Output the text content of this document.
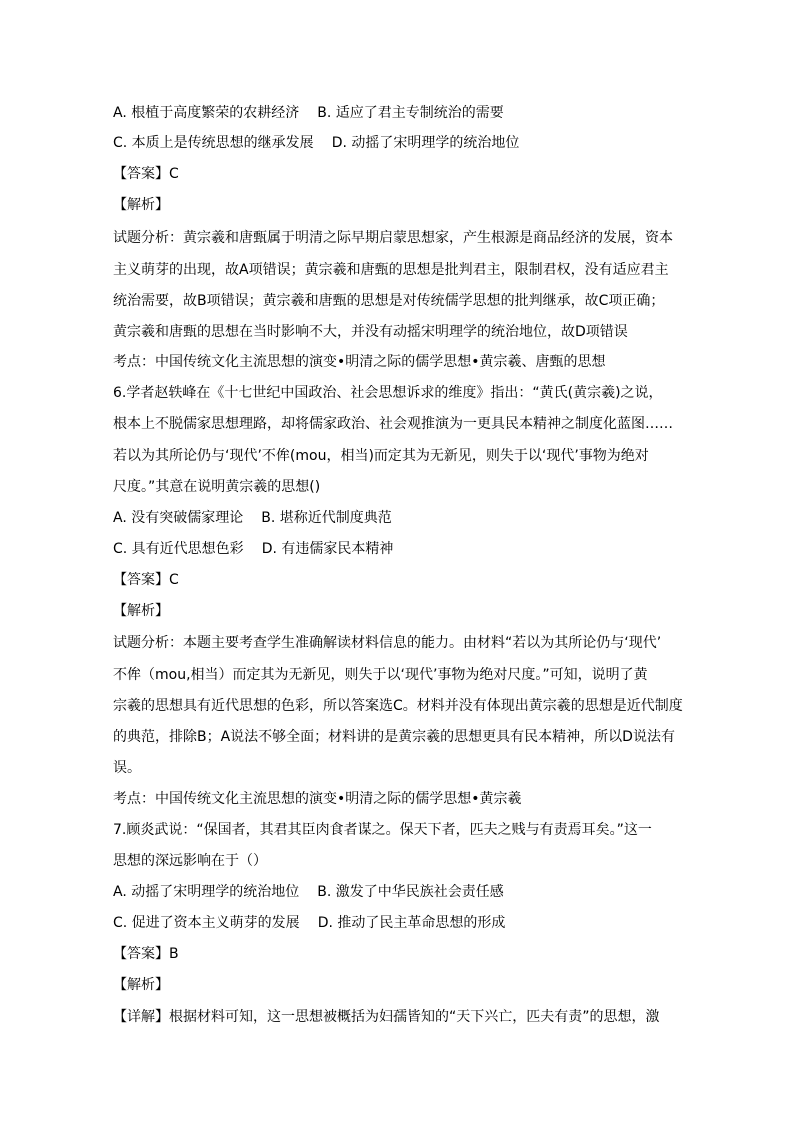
A. 根植于高度繁荣的农耕经济 B. 适应了君主专制统治的需要
C. 本质上是传统思想的继承发展 D. 动摇了宋明理学的统治地位
【答案】C
【解析】
试题分析：黄宗羲和唐甄属于明清之际早期启蒙思想家，产生根源是商品经济的发展，资本
主义萌芽的出现，故A项错误；黄宗羲和唐甄的思想是批判君主，限制君权，没有适应君主
统治需要，故B项错误；黄宗羲和唐甄的思想是对传统儒学思想的批判继承，故C项正确；
黄宗羲和唐甄的思想在当时影响不大，并没有动摇宋明理学的统治地位，故D项错误
考点：中国传统文化主流思想的演变•明清之际的儒学思想•黄宗羲、唐甄的思想
6.学者赵轶峰在《十七世纪中国政治、社会思想诉求的维度》指出：“黄氏(黄宗羲)之说，
根本上不脱儒家思想理路，却将儒家政治、社会观推演为一更具民本精神之制度化蓝图……
若以为其所论仍与‘现代’不侔(mou，相当)而定其为无新见，则失于以‘现代’事物为绝对
尺度。”其意在说明黄宗羲的思想()
A. 没有突破儒家理论 B. 堪称近代制度典范
C. 具有近代思想色彩 D. 有违儒家民本精神
【答案】C
【解析】
试题分析：本题主要考查学生准确解读材料信息的能力。由材料“若以为其所论仍与‘现代’
不侔（mou,相当）而定其为无新见，则失于以‘现代’事物为绝对尺度。”可知，说明了黄
宗羲的思想具有近代思想的色彩，所以答案选C。材料并没有体现出黄宗羲的思想是近代制度
的典范，排除B；A说法不够全面；材料讲的是黄宗羲的思想更具有民本精神，所以D说法有
误。
考点：中国传统文化主流思想的演变•明清之际的儒学思想•黄宗羲
7.顾炎武说：“保国者，其君其臣肉食者谋之。保天下者，匹夫之贱与有责焉耳矣。”这一
思想的深远影响在于（）
A. 动摇了宋明理学的统治地位 B. 激发了中华民族社会责任感
C. 促进了资本主义萌芽的发展 D. 推动了民主革命思想的形成
【答案】B
【解析】
【详解】根据材料可知，这一思想被概括为妇孺皆知的“天下兴亡，匹夫有责”的思想，激
